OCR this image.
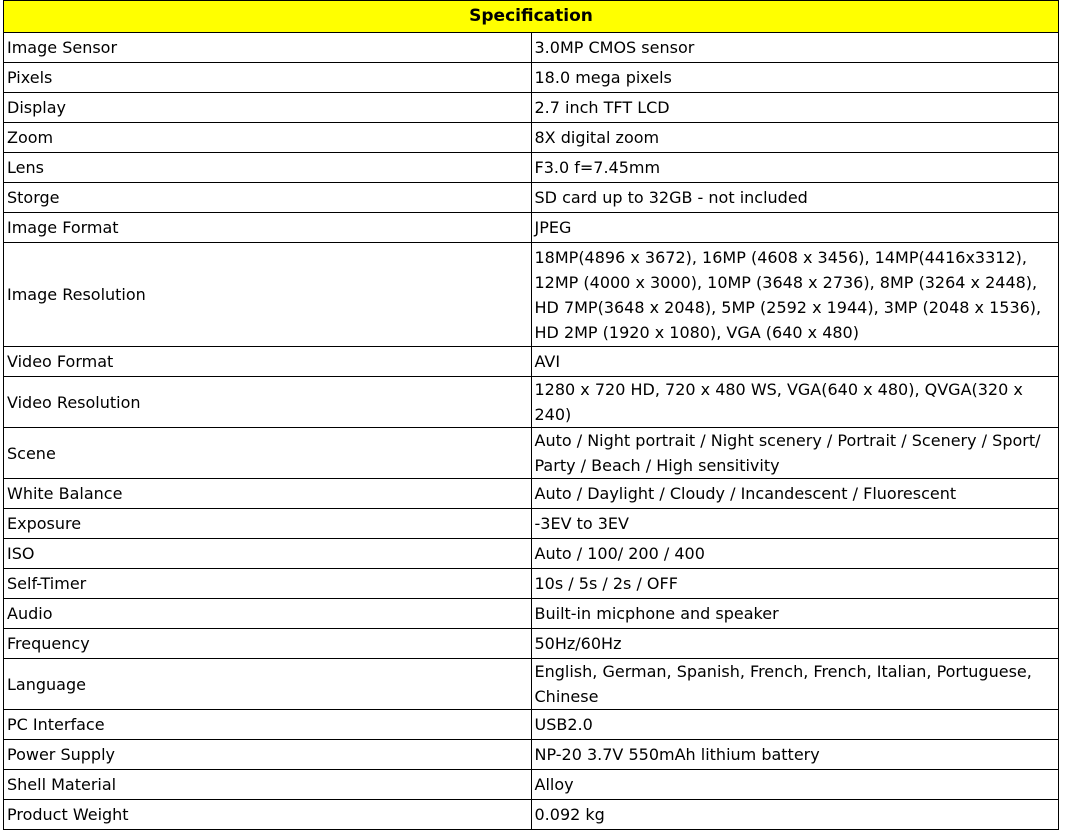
Specification	
Image Sensor	3.0MP CMOS sensor
Pixels	18.0 mega pixels
Display	2.7 inch TFT LCD
Zoom	8X digital zoom
Lens	F3.0 f=7.45mm
Storge	SD card up to 32GB - not included
Image Format	JPEG
Image Resolution	18MP(4896 x 3672), 16MP (4608 x 3456), 14MP(4416x3312), 12MP (4000 x 3000), 10MP (3648 x 2736), 8MP (3264 x 2448), HD 7MP(3648 x 2048), 5MP (2592 x 1944), 3MP (2048 x 1536), HD 2MP (1920 x 1080), VGA (640 x 480)
Video Format	AVI
Video Resolution	1280 x 720 HD, 720 x 480 WS, VGA(640 x 480), QVGA(320 x 240)
Scene	Auto / Night portrait / Night scenery / Portrait / Scenery / Sport/ Party / Beach / High sensitivity
White Balance	Auto / Daylight / Cloudy / Incandescent / Fluorescent
Exposure	-3EV to 3EV
ISO	Auto / 100/ 200 / 400
Self-Timer	10s / 5s / 2s / OFF
Audio	Built-in micphone and speaker
Frequency	50Hz/60Hz
Language	English, German, Spanish, French, French, Italian, Portuguese, Chinese
PC Interface	USB2.0
Power Supply	NP-20 3.7V 550mAh lithium battery
Shell Material	Alloy
Product Weight	0.092 kg
